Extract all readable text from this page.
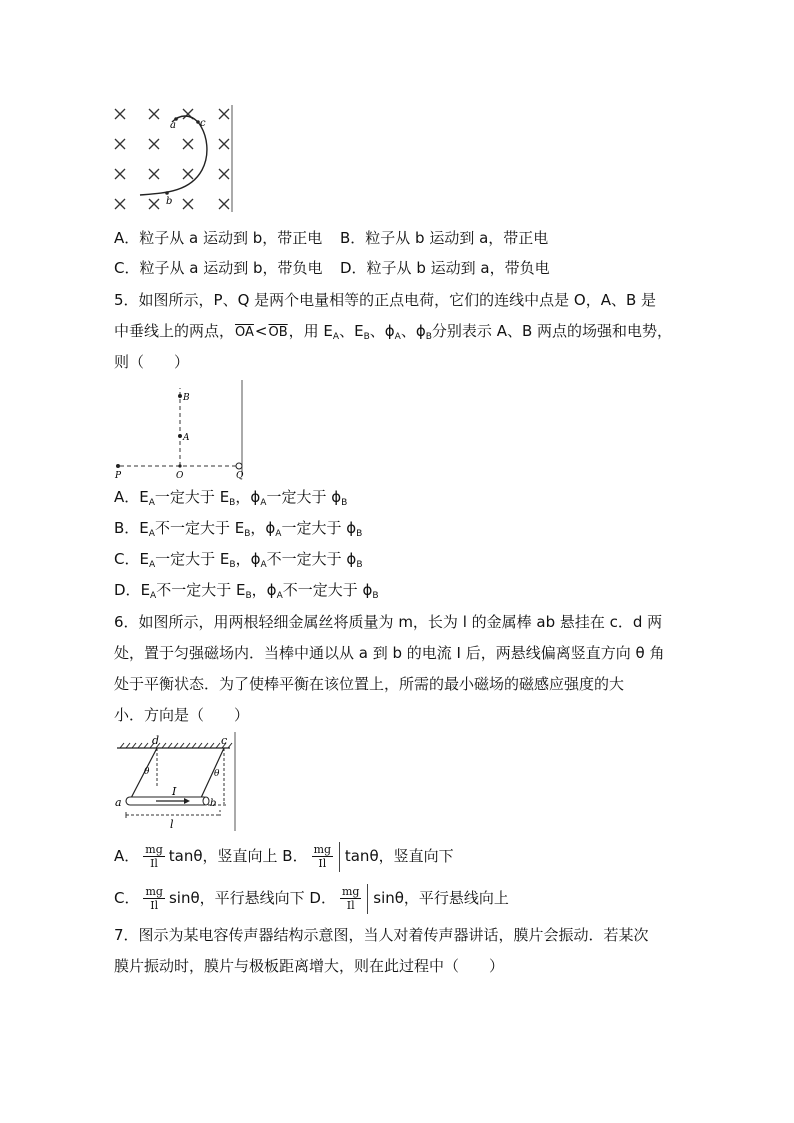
a c
b
A．粒子从 a 运动到 b，带正电 B．粒子从 b 运动到 a，带正电
C．粒子从 a 运动到 b，带负电 D．粒子从 b 运动到 a，带负电
5．如图所示，P、Q 是两个电量相等的正点电荷，它们的连线中点是 O，A、B 是
中垂线上的两点，$\overline{OA}<\overline{OB}$，用 $E_A$、$E_B$、$\phi_A$、$\phi_B$分别表示 A、B 两点的场强和电势，
则（　　）
P	O	Q
A
B
A．$E_A$一定大于 $E_B$，$\phi_A$一定大于 $\phi_B$
B．$E_A$不一定大于 $E_B$，$\phi_A$一定大于 $\phi_B$
C．$E_A$一定大于 $E_B$，$\phi_A$不一定大于 $\phi_B$
D．$E_A$不一定大于 $E_B$，$\phi_A$不一定大于 $\phi_B$
6．如图所示，用两根轻细金属丝将质量为 m，长为 l 的金属棒 ab 悬挂在 c．d 两
处，置于匀强磁场内．当棒中通以从 a 到 b 的电流 I 后，两悬线偏离竖直方向 θ 角
处于平衡状态．为了使棒平衡在该位置上，所需的最小磁场的磁感应强度的大
小．方向是（　　）
d	c
θ	θ
a	b
I
l
A． $\frac{mg}{Il}$ tanθ，竖直向上 B． $\frac{mg}{Il}$ tanθ，竖直向下
C． $\frac{mg}{Il}$ sinθ，平行悬线向下 D． $\frac{mg}{Il}$ sinθ，平行悬线向上
7．图示为某电容传声器结构示意图，当人对着传声器讲话，膜片会振动．若某次
膜片振动时，膜片与极板距离增大，则在此过程中（　　）
